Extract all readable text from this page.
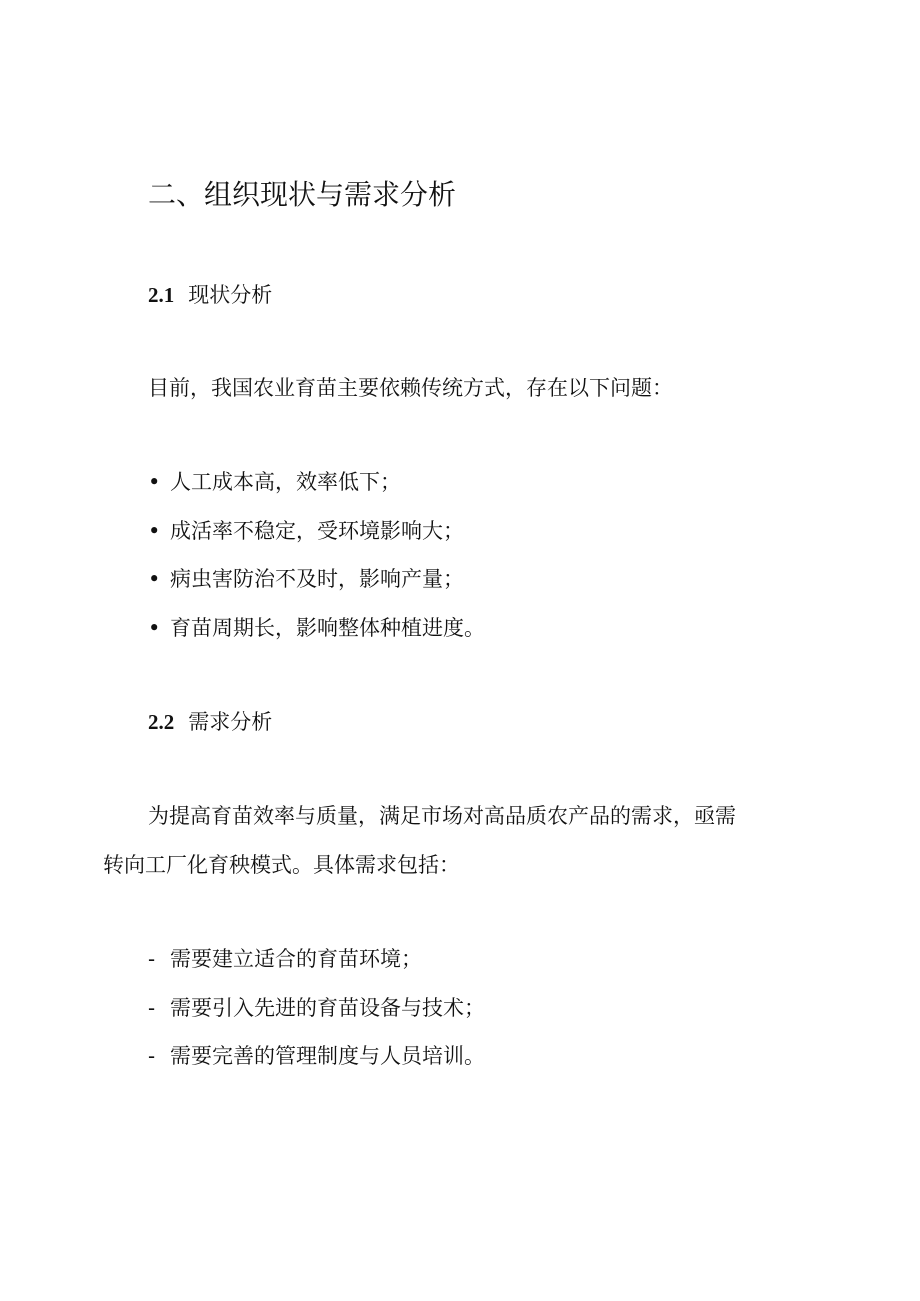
二、组织现状与需求分析
2.1 现状分析
目前，我国农业育苗主要依赖传统方式，存在以下问题：
• 人工成本高，效率低下；
• 成活率不稳定，受环境影响大；
• 病虫害防治不及时，影响产量；
• 育苗周期长，影响整体种植进度。
2.2 需求分析
为提高育苗效率与质量，满足市场对高品质农产品的需求，亟需
转向工厂化育秧模式。具体需求包括：
- 需要建立适合的育苗环境；
- 需要引入先进的育苗设备与技术；
- 需要完善的管理制度与人员培训。
